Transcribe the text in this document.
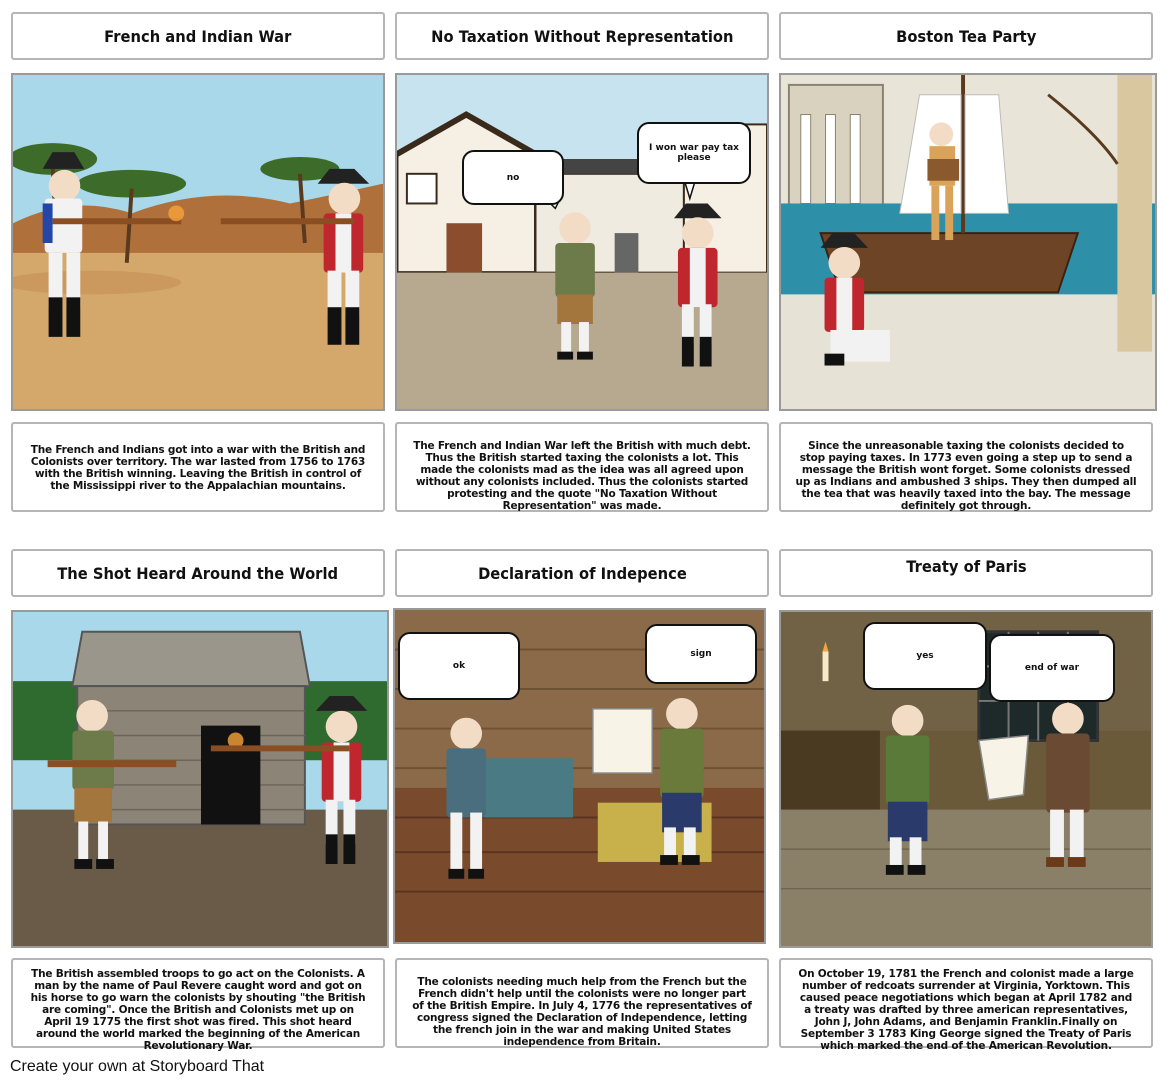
French and Indian War	No Taxation Without Representation	Boston Tea Party
no
I won war pay tax please

The French and Indians got into a war with the British and Colonists over territory. The war lasted from 1756 to 1763 with the British winning. Leaving the British in control of the Mississippi river to the Appalachian mountains.

The French and Indian War left the British with much debt. Thus the British started taxing the colonists a lot. This made the colonists mad as the idea was all agreed upon without any colonists included. Thus the colonists started protesting and the quote "No Taxation Without Representation" was made.

Since the unreasonable taxing the colonists decided to stop paying taxes. In 1773 even going a step up to send a message the British wont forget. Some colonists dressed up as Indians and ambushed 3 ships. They then dumped all the tea that was heavily taxed into the bay. The message definitely got through.

The Shot Heard Around the World	Declaration of Indepence	Treaty of Paris
ok
sign	yes
end of war

The British assembled troops to go act on the Colonists. A man by the name of Paul Revere caught word and got on his horse to go warn the colonists by shouting "the British are coming". Once the British and Colonists met up on April 19 1775 the first shot was fired. This shot heard around the world marked the beginning of the American Revolutionary War.

The colonists needing much help from the French but the French didn't help until the colonists were no longer part of the British Empire. In July 4, 1776 the representatives of congress signed the Declaration of Independence, letting the french join in the war and making United States independence from Britain.

On October 19, 1781 the French and colonist made a large number of redcoats surrender at Virginia, Yorktown. This caused peace negotiations which began at April 1782 and a treaty was drafted by three american representatives, John J, John Adams, and Benjamin Franklin.Finally on September 3 1783 King George signed the Treaty of Paris which marked the end of the American Revolution.

Create your own at Storyboard That
